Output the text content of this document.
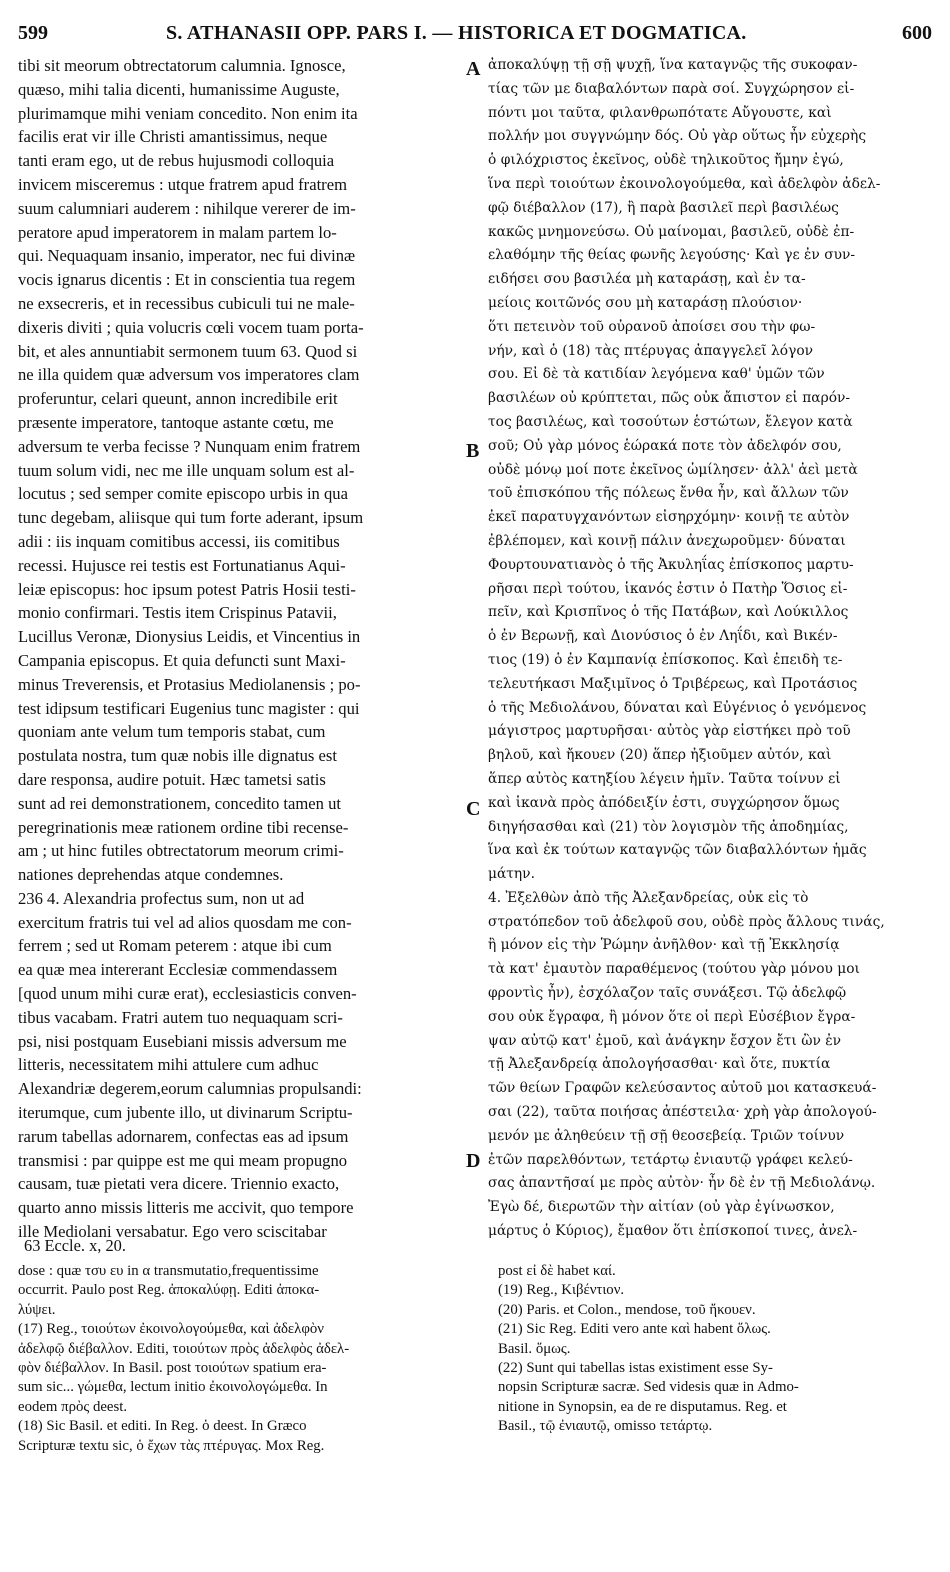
599	S. ATHANASII OPP. PARS I. — HISTORICA ET DOGMATICA.	600
tibi sit meorum obtrectatorum calumnia. Ignosce,
quæso, mihi talia dicenti, humanissime Auguste,
plurimamque mihi veniam concedito. Non enim ita
facilis erat vir ille Christi amantissimus, neque
tanti eram ego, ut de rebus hujusmodi colloquia
invicem misceremus : utque fratrem apud fratrem
suum calumniari auderem : nihilque vererer de im-
peratore apud imperatorem in malam partem lo-
qui. Nequaquam insanio, imperator, nec fui divinæ
vocis ignarus dicentis : Et in conscientia tua regem
ne exsecreris, et in recessibus cubiculi tui ne male-
dixeris diviti ; quia volucris cœli vocem tuam porta-
bit, et ales annuntiabit sermonem tuum 63. Quod si
ne illa quidem quæ adversum vos imperatores clam
proferuntur, celari queunt, annon incredibile erit
præsente imperatore, tantoque astante cœtu, me
adversum te verba fecisse ? Nunquam enim fratrem
tuum solum vidi, nec me ille unquam solum est al-
locutus ; sed semper comite episcopo urbis in qua
tunc degebam, aliisque qui tum forte aderant, ipsum
adii : iis inquam comitibus accessi, iis comitibus
recessi. Hujusce rei testis est Fortunatianus Aqui-
leiæ episcopus: hoc ipsum potest Patris Hosii testi-
monio confirmari. Testis item Crispinus Patavii,
Lucillus Veronæ, Dionysius Leidis, et Vincentius in
Campania episcopus. Et quia defuncti sunt Maxi-
minus Treverensis, et Protasius Mediolanensis ; po-
test idipsum testificari Eugenius tunc magister : qui
quoniam ante velum tum temporis stabat, cum
postulata nostra, tum quæ nobis ille dignatus est
dare responsa, audire potuit. Hæc tametsi satis
sunt ad rei demonstrationem, concedito tamen ut
peregrinationis meæ rationem ordine tibi recense-
am ; ut hinc futiles obtrectatorum meorum crimi-
nationes deprehendas atque condemnes.
236 4. Alexandria profectus sum, non ut ad
exercitum fratris tui vel ad alios quosdam me con-
ferrem ; sed ut Romam peterem : atque ibi cum
ea quæ mea intererant Ecclesiæ commendassem
[quod unum mihi curæ erat), ecclesiasticis conven-
tibus vacabam. Fratri autem tuo nequaquam scri-
psi, nisi postquam Eusebiani missis adversum me
litteris, necessitatem mihi attulere cum adhuc
Alexandriæ degerem,eorum calumnias propulsandi:
iterumque, cum jubente illo, ut divinarum Scriptu-
rarum tabellas adornarem, confectas eas ad ipsum
transmisi : par quippe est me qui meam propugno
causam, tuæ pietati vera dicere. Triennio exacto,
quarto anno missis litteris me accivit, quo tempore
ille Mediolani versabatur. Ego vero sciscitabar
ἀποκαλύψῃ τῇ σῇ ψυχῇ, ἵνα καταγνῷς τῆς συκοφαν-
τίας τῶν με διαβαλόντων παρὰ σοί. Συγχώρησον εἰ-
πόντι μοι ταῦτα, φιλανθρωπότατε Αὔγουστε, καὶ
πολλήν μοι συγγνώμην δός. Οὐ γὰρ οὕτως ἦν εὐχερὴς
ὁ φιλόχριστος ἐκεῖνος, οὐδὲ τηλικοῦτος ἤμην ἐγώ,
ἵνα περὶ τοιούτων ἐκοινολογούμεθα, καὶ ἀδελφὸν ἀδελ-
φῷ διέβαλλον (17), ἢ παρὰ βασιλεῖ περὶ βασιλέως
κακῶς μνημονεύσω. Οὐ μαίνομαι, βασιλεῦ, οὐδὲ ἐπ-
ελαθόμην τῆς θείας φωνῆς λεγούσης· Καὶ γε ἐν συν-
ειδήσει σου βασιλέα μὴ καταράσῃ, καὶ ἐν τα-
μείοις κοιτῶνός σου μὴ καταράσῃ πλούσιον·
ὅτι πετεινὸν τοῦ οὐρανοῦ ἀποίσει σου τὴν φω-
νήν, καὶ ὁ (18) τὰς πτέρυγας ἀπαγγελεῖ λόγον
σου. Εἰ δὲ τὰ κατιδίαν λεγόμενα καθ' ὑμῶν τῶν
βασιλέων οὐ κρύπτεται, πῶς οὐκ ἄπιστον εἰ παρόν-
τος βασιλέως, καὶ τοσούτων ἑστώτων, ἔλεγον κατὰ
σοῦ; Οὐ γὰρ μόνος ἑώρακά ποτε τὸν ἀδελφόν σου,
οὐδὲ μόνῳ μοί ποτε ἐκεῖνος ὡμίλησεν· ἀλλ' ἀεὶ μετὰ
τοῦ ἐπισκόπου τῆς πόλεως ἔνθα ἦν, καὶ ἄλλων τῶν
ἐκεῖ παρατυγχανόντων εἰσηρχόμην· κοινῇ τε αὐτὸν
ἐβλέπομεν, καὶ κοινῇ πάλιν ἀνεχωροῦμεν· δύναται
Φουρτουνατιανὸς ὁ τῆς Ἀκυληΐας ἐπίσκοπος μαρτυ-
ρῆσαι περὶ τούτου, ἱκανός ἐστιν ὁ Πατὴρ Ὅσιος εἰ-
πεῖν, καὶ Κρισπῖνος ὁ τῆς Πατάβων, καὶ Λούκιλλος
ὁ ἐν Βερωνῇ, καὶ Διονύσιος ὁ ἐν Ληΐδι, καὶ Βικέν-
τιος (19) ὁ ἐν Καμπανίᾳ ἐπίσκοπος. Καὶ ἐπειδὴ τε-
τελευτήκασι Μαξιμῖνος ὁ Τριβέρεως, καὶ Προτάσιος
ὁ τῆς Μεδιολάνου, δύναται καὶ Εὐγένιος ὁ γενόμενος
μάγιστρος μαρτυρῆσαι· αὐτὸς γὰρ εἱστήκει πρὸ τοῦ
βηλοῦ, καὶ ἤκουεν (20) ἅπερ ἠξιοῦμεν αὐτόν, καὶ
ἅπερ αὐτὸς κατηξίου λέγειν ἡμῖν. Ταῦτα τοίνυν εἰ
καὶ ἱκανὰ πρὸς ἀπόδειξίν ἐστι, συγχώρησον ὅμως
διηγήσασθαι καὶ (21) τὸν λογισμὸν τῆς ἀποδημίας,
ἵνα καὶ ἐκ τούτων καταγνῷς τῶν διαβαλλόντων ἡμᾶς
μάτην.
4. Ἐξελθὼν ἀπὸ τῆς Ἀλεξανδρείας, οὐκ εἰς τὸ
στρατόπεδον τοῦ ἀδελφοῦ σου, οὐδὲ πρὸς ἄλλους τινάς,
ἢ μόνον εἰς τὴν Ῥώμην ἀνῆλθον· καὶ τῇ Ἐκκλησίᾳ
τὰ κατ' ἐμαυτὸν παραθέμενος (τούτου γὰρ μόνου μοι
φροντὶς ἦν), ἐσχόλαζον ταῖς συνάξεσι. Τῷ ἀδελφῷ
σου οὐκ ἔγραφα, ἢ μόνον ὅτε οἱ περὶ Εὐσέβιον ἔγρα-
ψαν αὐτῷ κατ' ἐμοῦ, καὶ ἀνάγκην ἔσχον ἔτι ὢν ἐν
τῇ Ἀλεξανδρείᾳ ἀπολογήσασθαι· καὶ ὅτε, πυκτία
τῶν θείων Γραφῶν κελεύσαντος αὐτοῦ μοι κατασκευά-
σαι (22), ταῦτα ποιήσας ἀπέστειλα· χρὴ γὰρ ἀπολογού-
μενόν με ἀληθεύειν τῇ σῇ θεοσεβείᾳ. Τριῶν τοίνυν
ἐτῶν παρελθόντων, τετάρτῳ ἐνιαυτῷ γράφει κελεύ-
σας ἀπαντῆσαί με πρὸς αὐτὸν· ἦν δὲ ἐν τῇ Μεδιολάνῳ.
Ἐγὼ δέ, διερωτῶν τὴν αἰτίαν (οὐ γὰρ ἐγίνωσκον,
μάρτυς ὁ Κύριος), ἔμαθον ὅτι ἐπίσκοποί τινες, ἀνελ-
A
B
C
D
63 Eccle. x, 20.
dose : quæ τσυ ευ in α transmutatio,frequentissime
occurrit. Paulo post Reg. ἀποκαλύφῃ. Editi ἀποκα-
λύψει.
(17) Reg., τοιούτων ἐκοινολογούμεθα, καὶ ἀδελφὸν
ἀδελφῷ διέβαλλον. Editi, τοιούτων πρὸς ἀδελφὸς ἀδελ-
φὸν διέβαλλον. In Basil. post τοιούτων spatium era-
sum sic... γώμεθα, lectum initio ἐκοινολογώμεθα. In
eodem πρὸς deest.
(18) Sic Basil. et editi. In Reg. ὁ deest. In Græco
Scripturæ textu sic, ὁ ἔχων τὰς πτέρυγας. Mox Reg.
post εἰ δὲ habet καί.
(19) Reg., Κιβέντιον.
(20) Paris. et Colon., mendose, τοῦ ἤκουεν.
(21) Sic Reg. Editi vero ante καὶ habent ὅλως.
Basil. ὅμως.
(22) Sunt qui tabellas istas existiment esse Sy-
nopsin Scripturæ sacræ. Sed videsis quæ in Admo-
nitione in Synopsin, ea de re disputamus. Reg. et
Basil., τῷ ἐνιαυτῷ, omisso τετάρτῳ.
